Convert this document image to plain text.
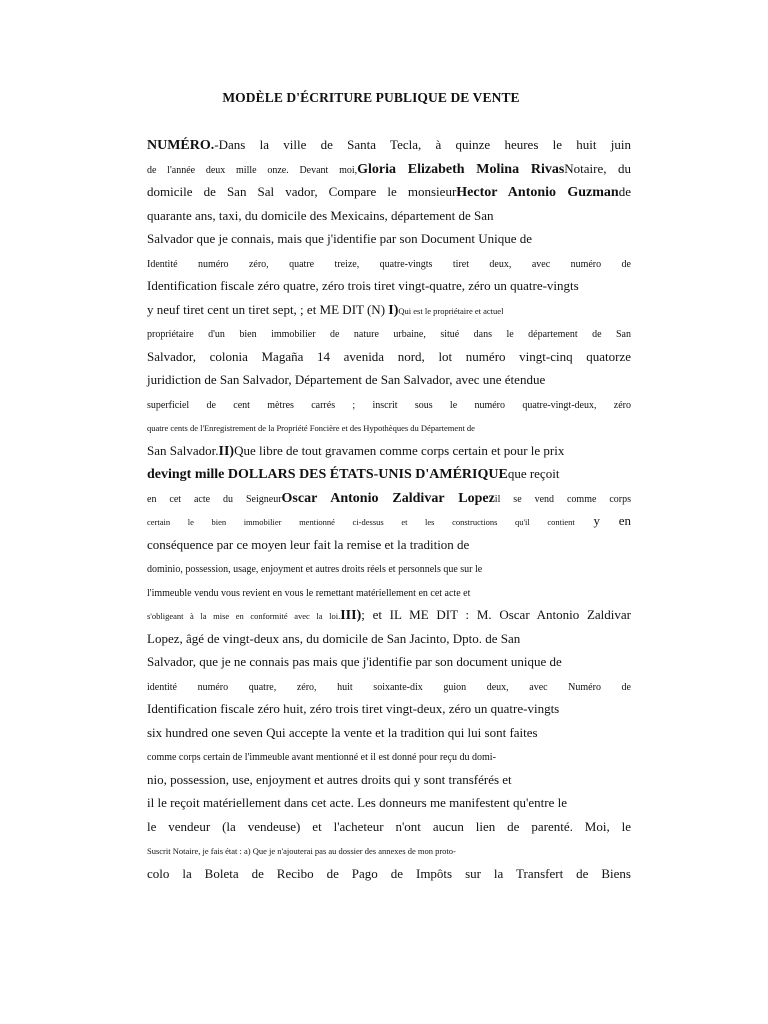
MODÈLE D'ÉCRITURE PUBLIQUE DE VENTE
NUMÉRO.-Dans la ville de Santa Tecla, à quinze heures le huit juin
de l'année deux mille onze. Devant moi,Gloria Elizabeth Molina RivasNotaire, du
domicile de San Sal vador, Compare le monsieurHector Antonio Guzmande
quarante ans, taxi, du domicile des Mexicains, département de San
Salvador que je connais, mais que j'identifie par son Document Unique de
Identité numéro zéro, quatre treize, quatre-vingts tiret deux, avec numéro de
Identification fiscale zéro quatre, zéro trois tiret vingt-quatre, zéro un quatre-vingts
y neuf tiret cent un tiret sept, ; et ME DIT (N) I)Qui est le propriétaire et actuel
propriétaire d'un bien immobilier de nature urbaine, situé dans le département de San
Salvador, colonia Magaña 14 avenida nord, lot numéro vingt-cinq quatorze
juridiction de San Salvador, Département de San Salvador, avec une étendue
superficiel de cent mètres carrés ; inscrit sous le numéro quatre-vingt-deux, zéro
quatre cents de l'Enregistrement de la Propriété Foncière et des Hypothèques du Département de
San Salvador.II)Que libre de tout gravamen comme corps certain et pour le prix
devingt mille DOLLARS DES ÉTATS-UNIS D'AMÉRIQUEque reçoit
en cet acte du SeigneurOscar Antonio Zaldivar Lopezil se vend comme corps
certain le bien immobilier mentionné ci-dessus et les constructions qu'il contient y en
conséquence par ce moyen leur fait la remise et la tradition de
dominio, possession, usage, enjoyment et autres droits réels et personnels que sur le
l'immeuble vendu vous revient en vous le remettant matériellement en cet acte et
s'obligeant à la mise en conformité avec la loi.III); et IL ME DIT : M. Oscar Antonio Zaldivar
Lopez, âgé de vingt-deux ans, du domicile de San Jacinto, Dpto. de San
Salvador, que je ne connais pas mais que j'identifie par son document unique de
identité numéro quatre, zéro, huit soixante-dix guion deux, avec Numéro de
Identification fiscale zéro huit, zéro trois tiret vingt-deux, zéro un quatre-vingts
six hundred one seven Qui accepte la vente et la tradition qui lui sont faites
comme corps certain de l'immeuble avant mentionné et il est donné pour reçu du domi-
nio, possession, use, enjoyment et autres droits qui y sont transférés et
il le reçoit matériellement dans cet acte. Les donneurs me manifestent qu'entre le
le vendeur (la vendeuse) et l'acheteur n'ont aucun lien de parenté. Moi, le
Suscrit Notaire, je fais état : a) Que je n'ajouterai pas au dossier des annexes de mon proto-
colo la Boleta de Recibo de Pago de Impôts sur la Transfert de Biens
